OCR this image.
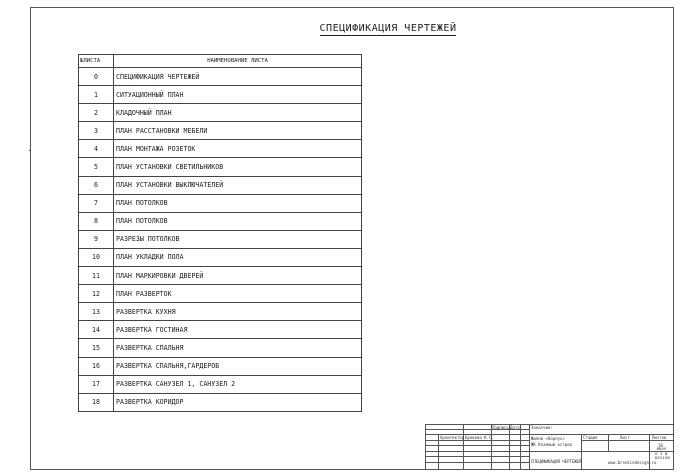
СПЕЦИФИКАЦИЯ ЧЕРТЕЖЕЙ
№ЛИСТА	НАИМЕНОВАНИЕ ЛИСТА
0	СПЕЦИФИКАЦИЯ ЧЕРТЕЖЕЙ
1	СИТУАЦИОННЫЙ ПЛАН
2	КЛАДОЧНЫЙ ПЛАН
3	ПЛАН РАССТАНОВКИ МЕБЕЛИ
4	ПЛАН МОНТАЖА РОЗЕТОК
5	ПЛАН УСТАНОВКИ СВЕТИЛЬНИКОВ
6	ПЛАН УСТАНОВКИ ВЫКЛЮЧАТЕЛЕЙ
7	ПЛАН ПОТОЛКОВ
8	ПЛАН ПОТОЛКОВ
9	РАЗРЕЗЫ ПОТОЛКОВ
10	ПЛАН УКЛАДКИ ПОЛА
11	ПЛАН МАРКИРОВКИ ДВЕРЕЙ
12	ПЛАН РАЗВЕРТОК
13	РАЗВЕРТКА КУХНЯ
14	РАЗВЕРТКА ГОСТИНАЯ
15	РАЗВЕРТКА СПАЛЬНЯ
16	РАЗВЕРТКА СПАЛЬНЯ,ГАРДЕРОБ
17	РАЗВЕРТКА САНУЗЕЛ 1, САНУЗЕЛ 2
18	РАЗВЕРТКА КОРИДОР
Подпись Дата	Заказчик:
Архитектор Бровкин К.С.	Жилой «Корпус»
ЖК Козиный остров
Стадия	Лист	Листов
18
СПЕЦИФИКАЦИЯ ЧЕРТЕЖЕЙ	www.brovkindesign.ru
BROV
K I N
DESIGN
